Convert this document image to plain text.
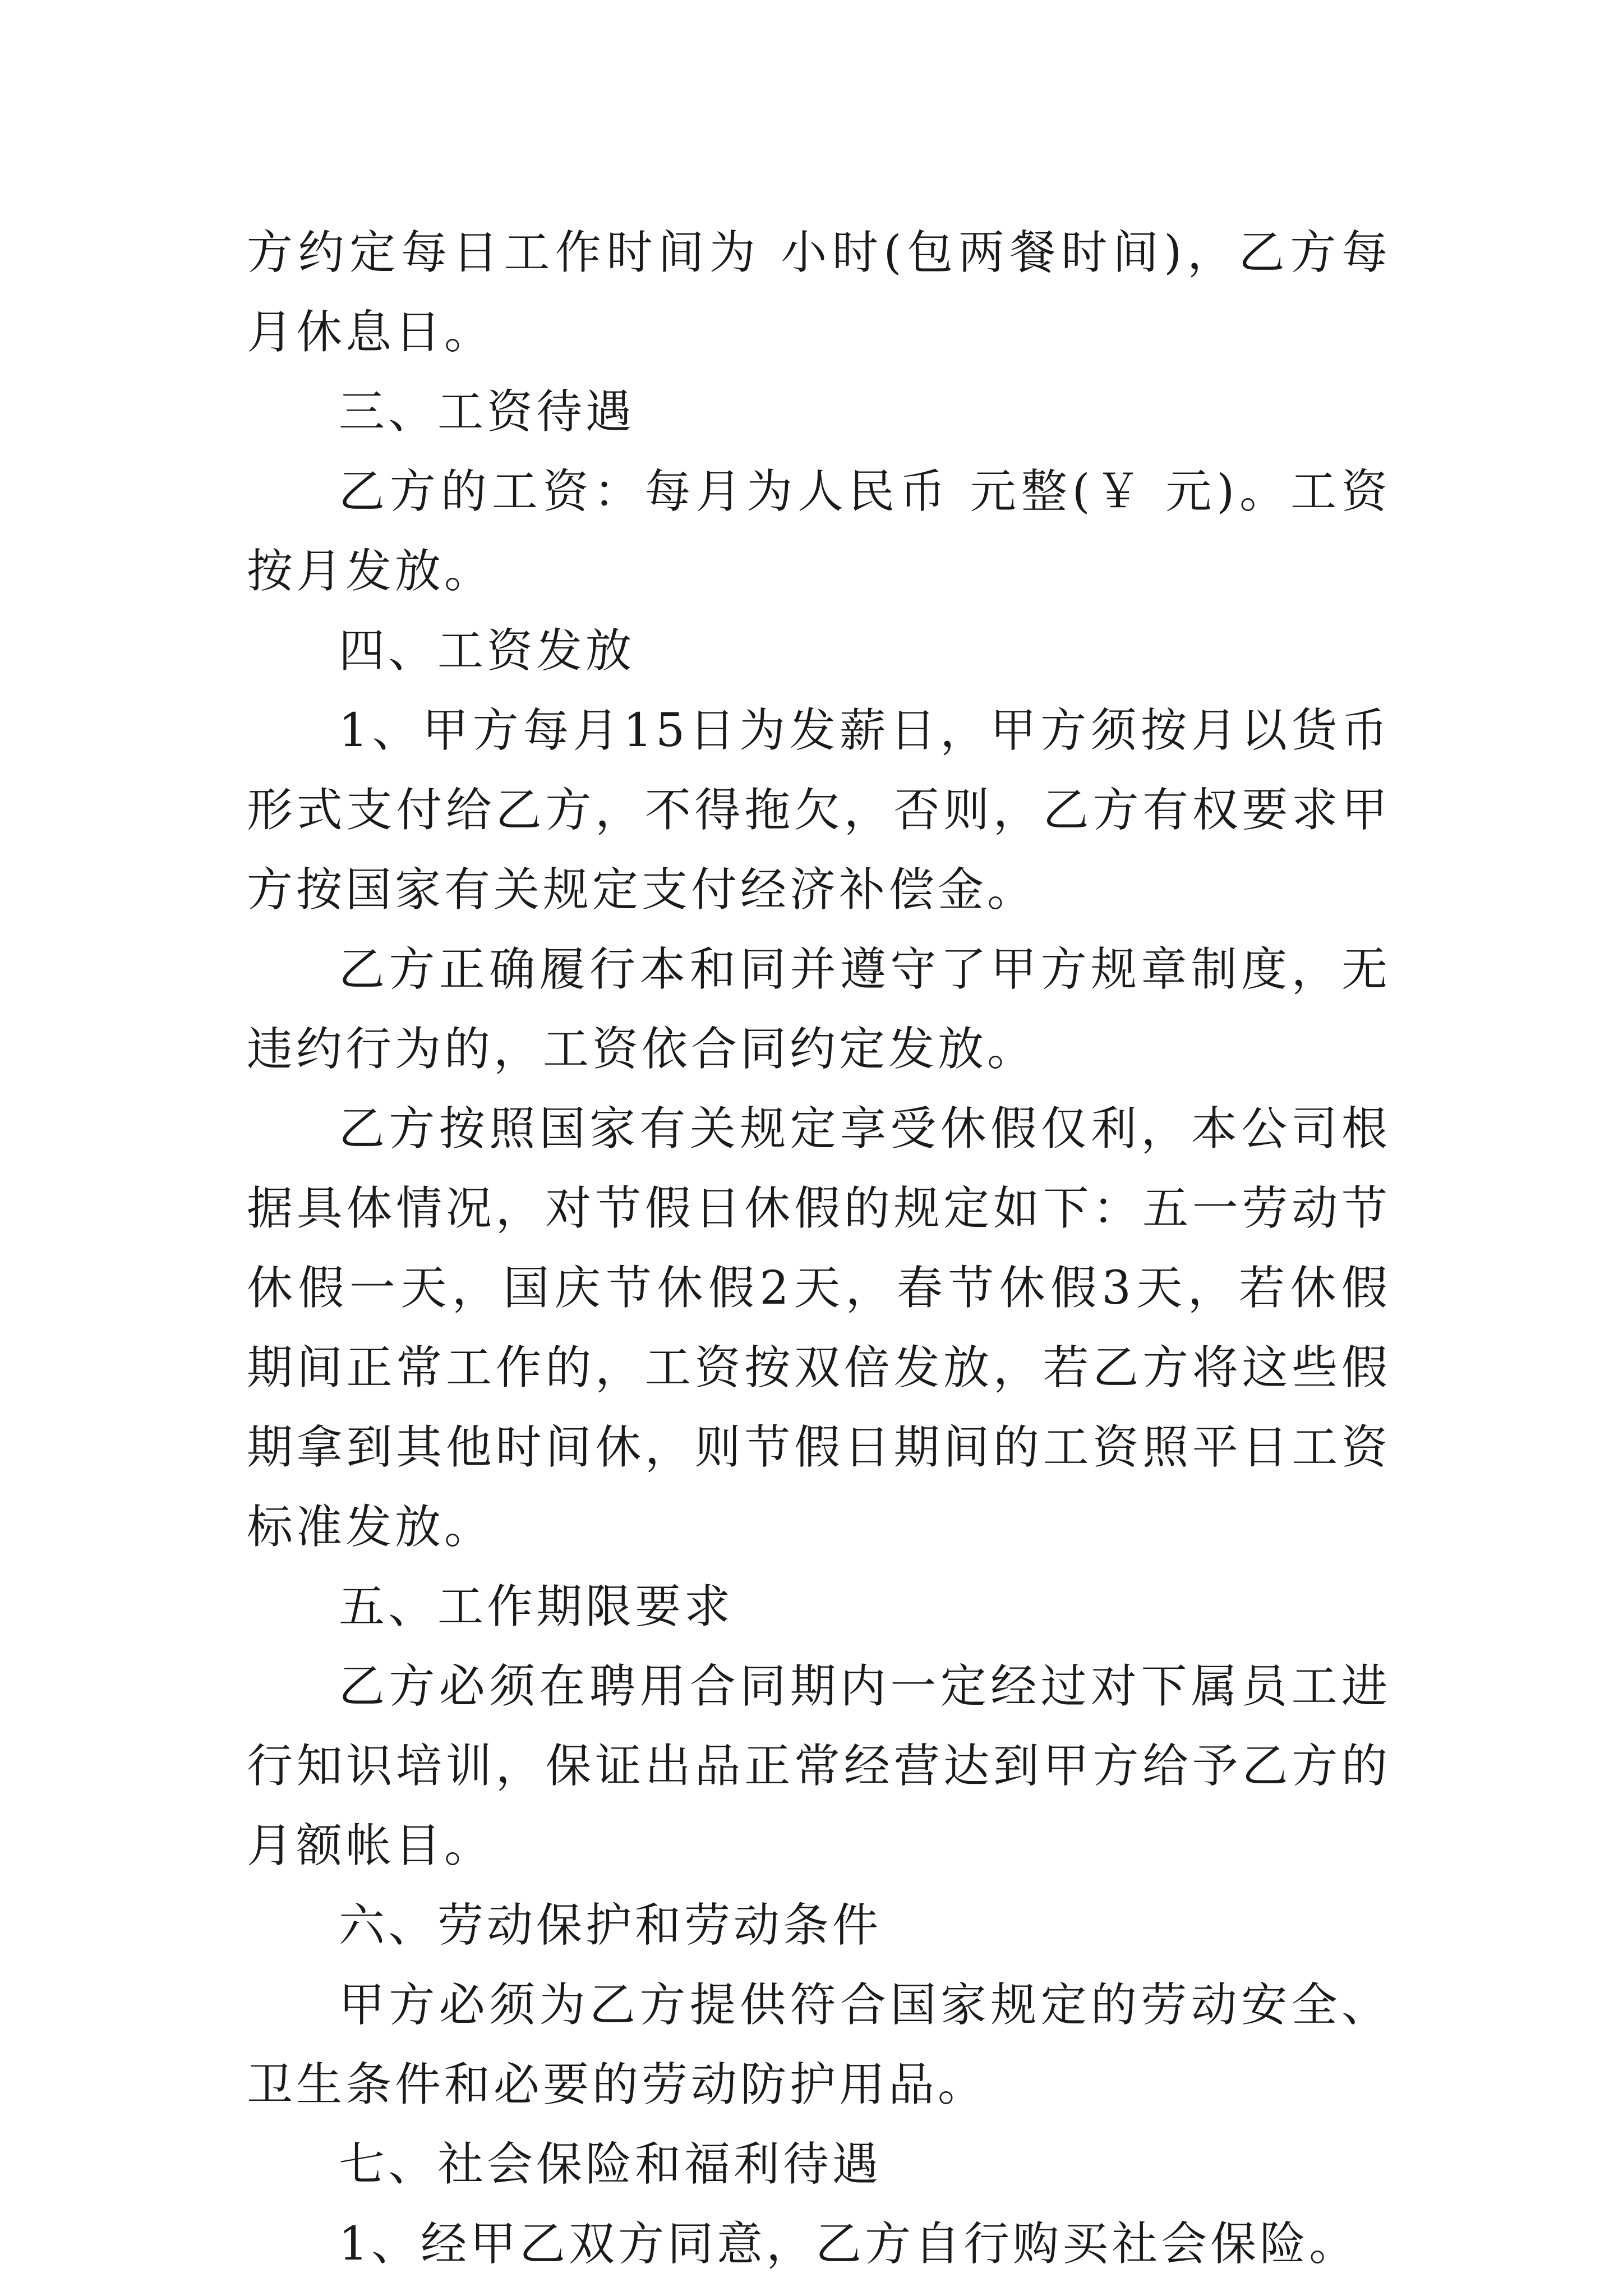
方约定每日工作时间为 小时(包两餐时间)，乙方每月休息日。

三、工资待遇

乙方的工资：每月为人民币 元整(￥ 元)。工资按月发放。

四、工资发放

1、甲方每月15日为发薪日，甲方须按月以货币形式支付给乙方，不得拖欠，否则，乙方有权要求甲方按国家有关规定支付经济补偿金。

乙方正确履行本和同并遵守了甲方规章制度，无违约行为的，工资依合同约定发放。

乙方按照国家有关规定享受休假仅利，本公司根据具体情况，对节假日休假的规定如下：五一劳动节休假一天，国庆节休假2天，春节休假3天，若休假期间正常工作的，工资按双倍发放，若乙方将这些假期拿到其他时间休，则节假日期间的工资照平日工资标准发放。

五、工作期限要求

乙方必须在聘用合同期内一定经过对下属员工进行知识培训，保证出品正常经营达到甲方给予乙方的月额帐目。

六、劳动保护和劳动条件

甲方必须为乙方提供符合国家规定的劳动安全、卫生条件和必要的劳动防护用品。

七、社会保险和福利待遇

1、经甲乙双方同意，乙方自行购买社会保险。
